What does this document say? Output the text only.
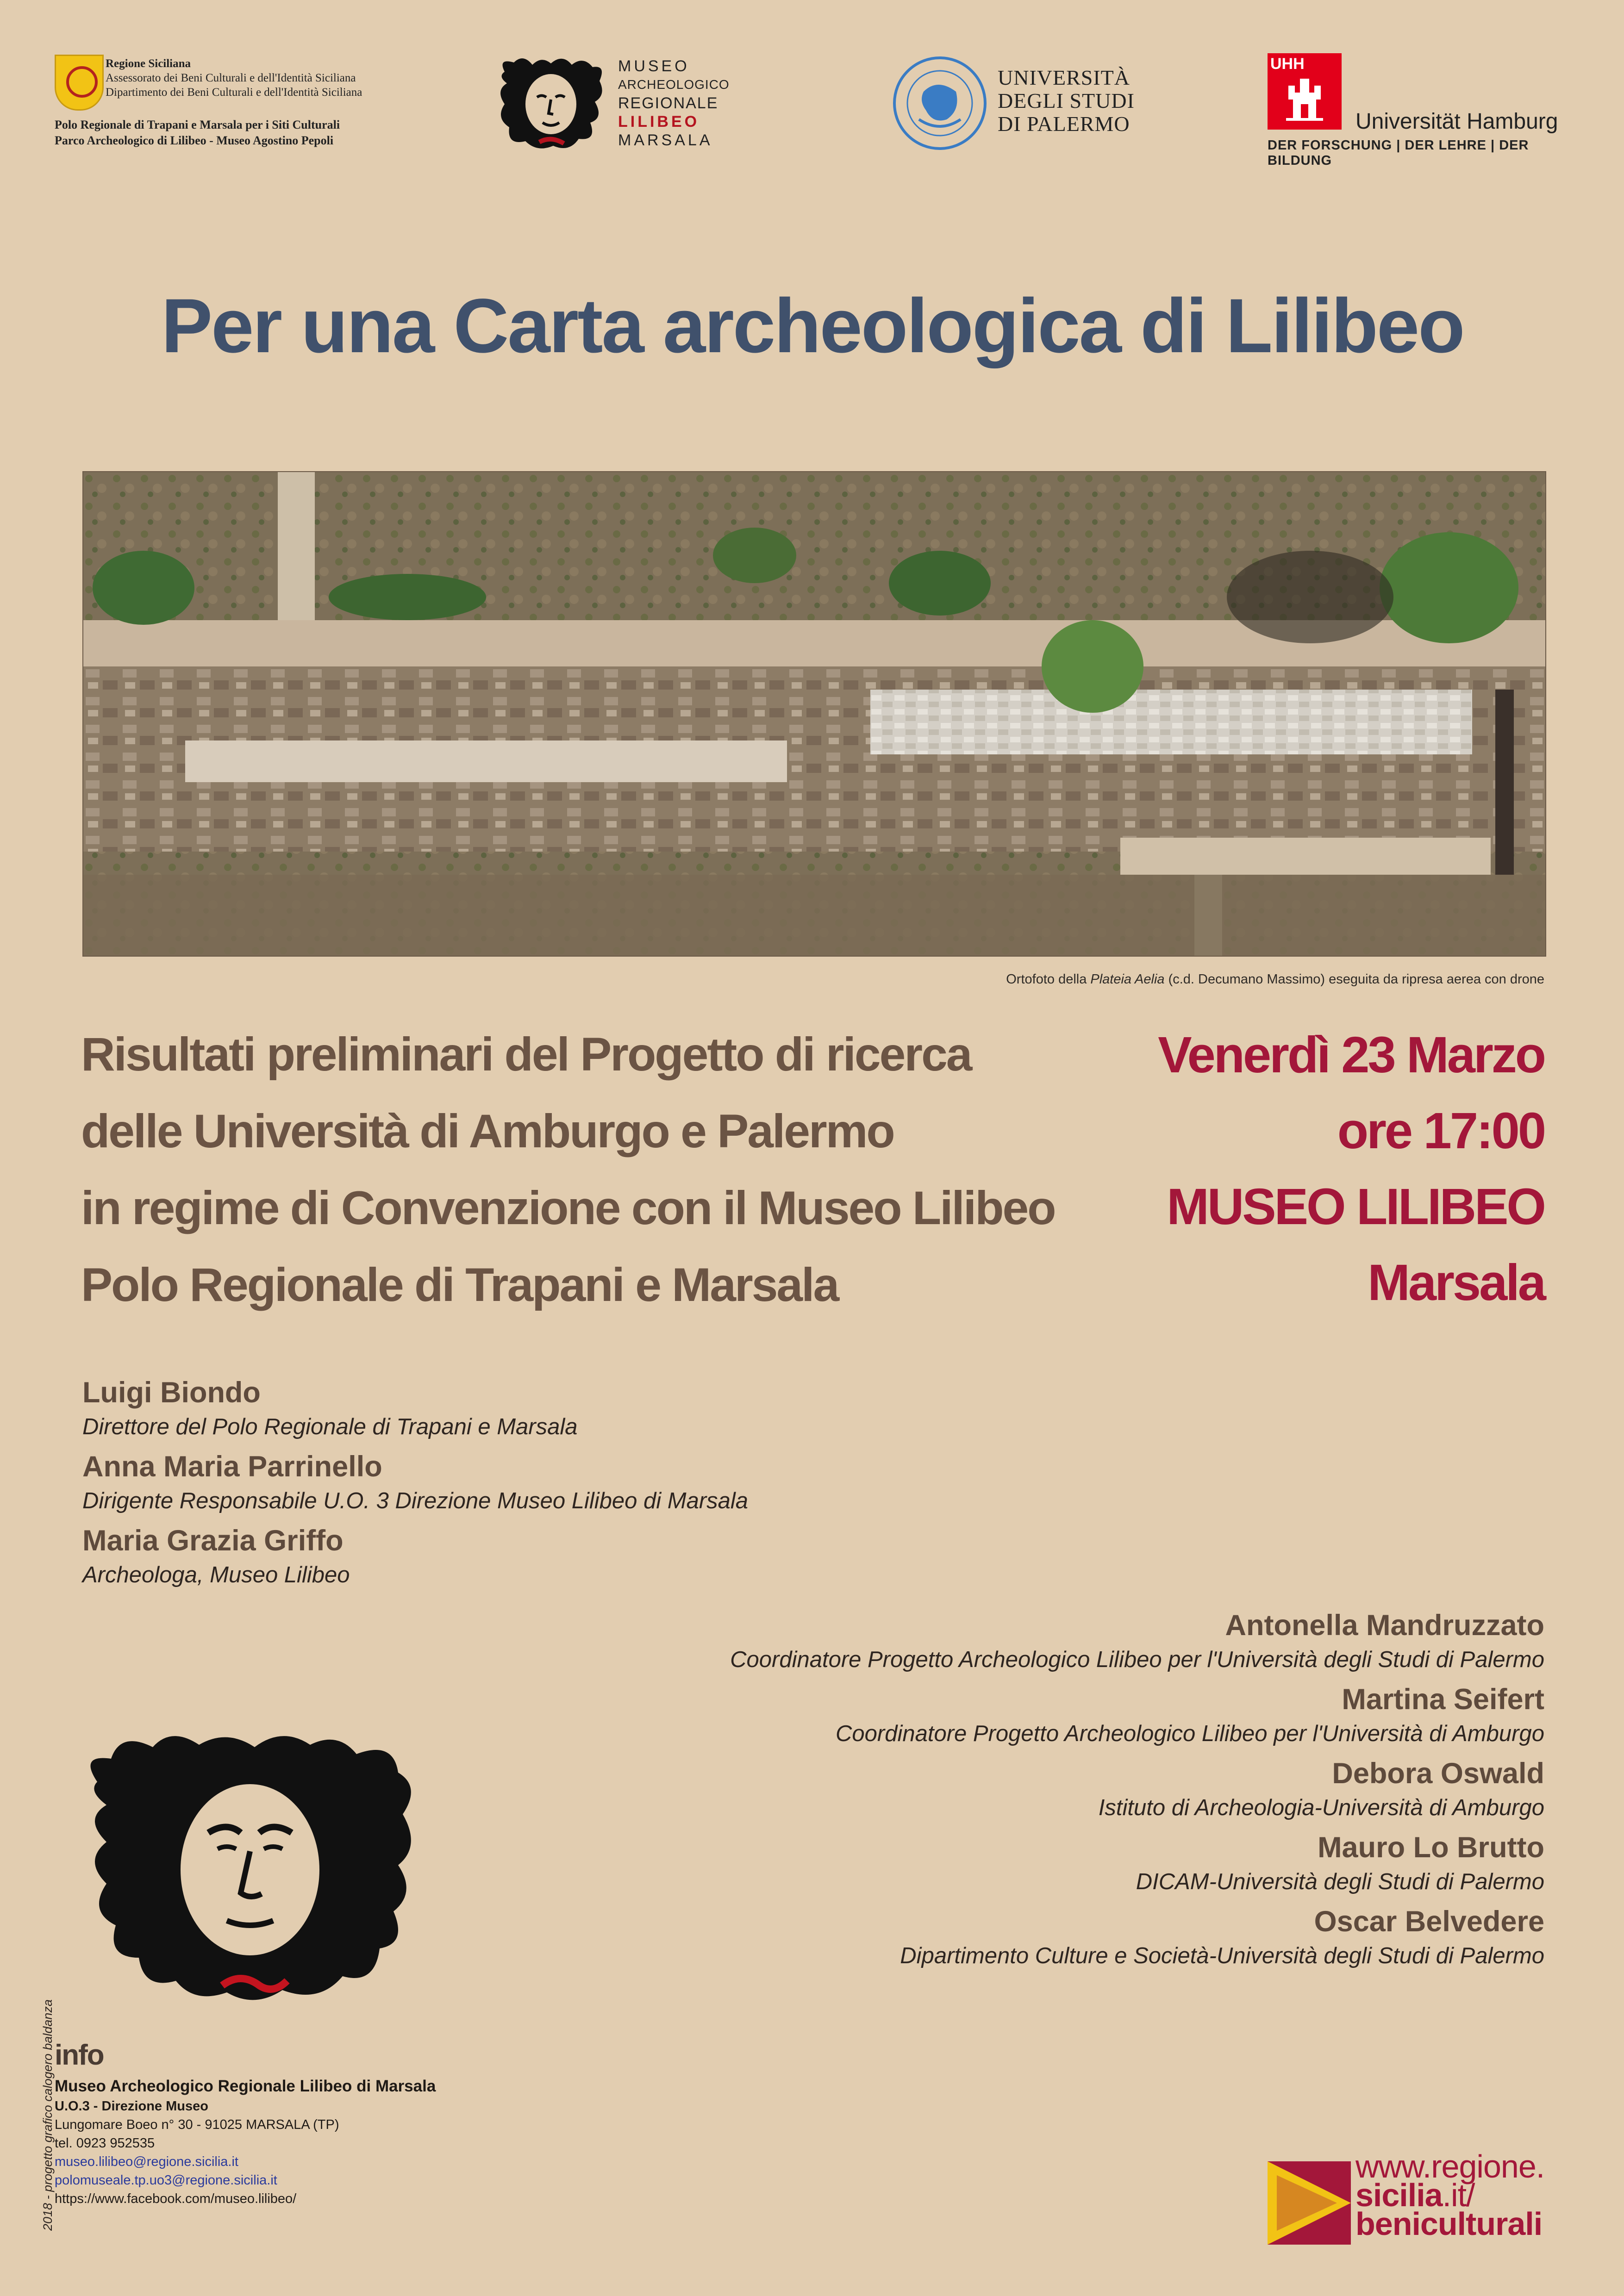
Regione Siciliana
Assessorato dei Beni Culturali e dell'Identità Siciliana
Dipartimento dei Beni Culturali e dell'Identità Siciliana
Polo Regionale di Trapani e Marsala per i Siti Culturali
Parco Archeologico di Lilibeo - Museo Agostino Pepoli
MUSEO
ARCHEOLOGICO
REGIONALE
LILIBEO
MARSALA
UNIVERSITÀ
DEGLI STUDI
DI PALERMO
UHH
Universität Hamburg
DER FORSCHUNG | DER LEHRE | DER BILDUNG
Per una Carta archeologica di Lilibeo
Ortofoto della Plateia Aelia (c.d. Decumano Massimo) eseguita da ripresa aerea con drone
Risultati preliminari del Progetto di ricerca
delle Università di Amburgo e Palermo
in regime di Convenzione con il Museo Lilibeo
Polo Regionale di Trapani e Marsala
Venerdì 23 Marzo
ore 17:00
MUSEO LILIBEO
Marsala
Luigi Biondo
Direttore del Polo Regionale di Trapani e Marsala
Anna Maria Parrinello
Dirigente Responsabile U.O. 3 Direzione Museo Lilibeo di Marsala
Maria Grazia Griffo
Archeologa, Museo Lilibeo
Antonella Mandruzzato
Coordinatore Progetto Archeologico Lilibeo per l'Università degli Studi di Palermo
Martina Seifert
Coordinatore Progetto Archeologico Lilibeo per l'Università di Amburgo
Debora Oswald
Istituto di Archeologia-Università di Amburgo
Mauro Lo Brutto
DICAM-Università degli Studi di Palermo
Oscar Belvedere
Dipartimento Culture e Società-Università degli Studi di Palermo
2018 - progetto grafico calogero baldanza info
Museo Archeologico Regionale Lilibeo di Marsala
U.O.3 - Direzione Museo
Lungomare Boeo n° 30 - 91025 MARSALA (TP)
tel. 0923 952535
museo.lilibeo@regione.sicilia.it
polomuseale.tp.uo3@regione.sicilia.it
https://www.facebook.com/museo.lilibeo/
www.regione.
sicilia.it/
beniculturali
